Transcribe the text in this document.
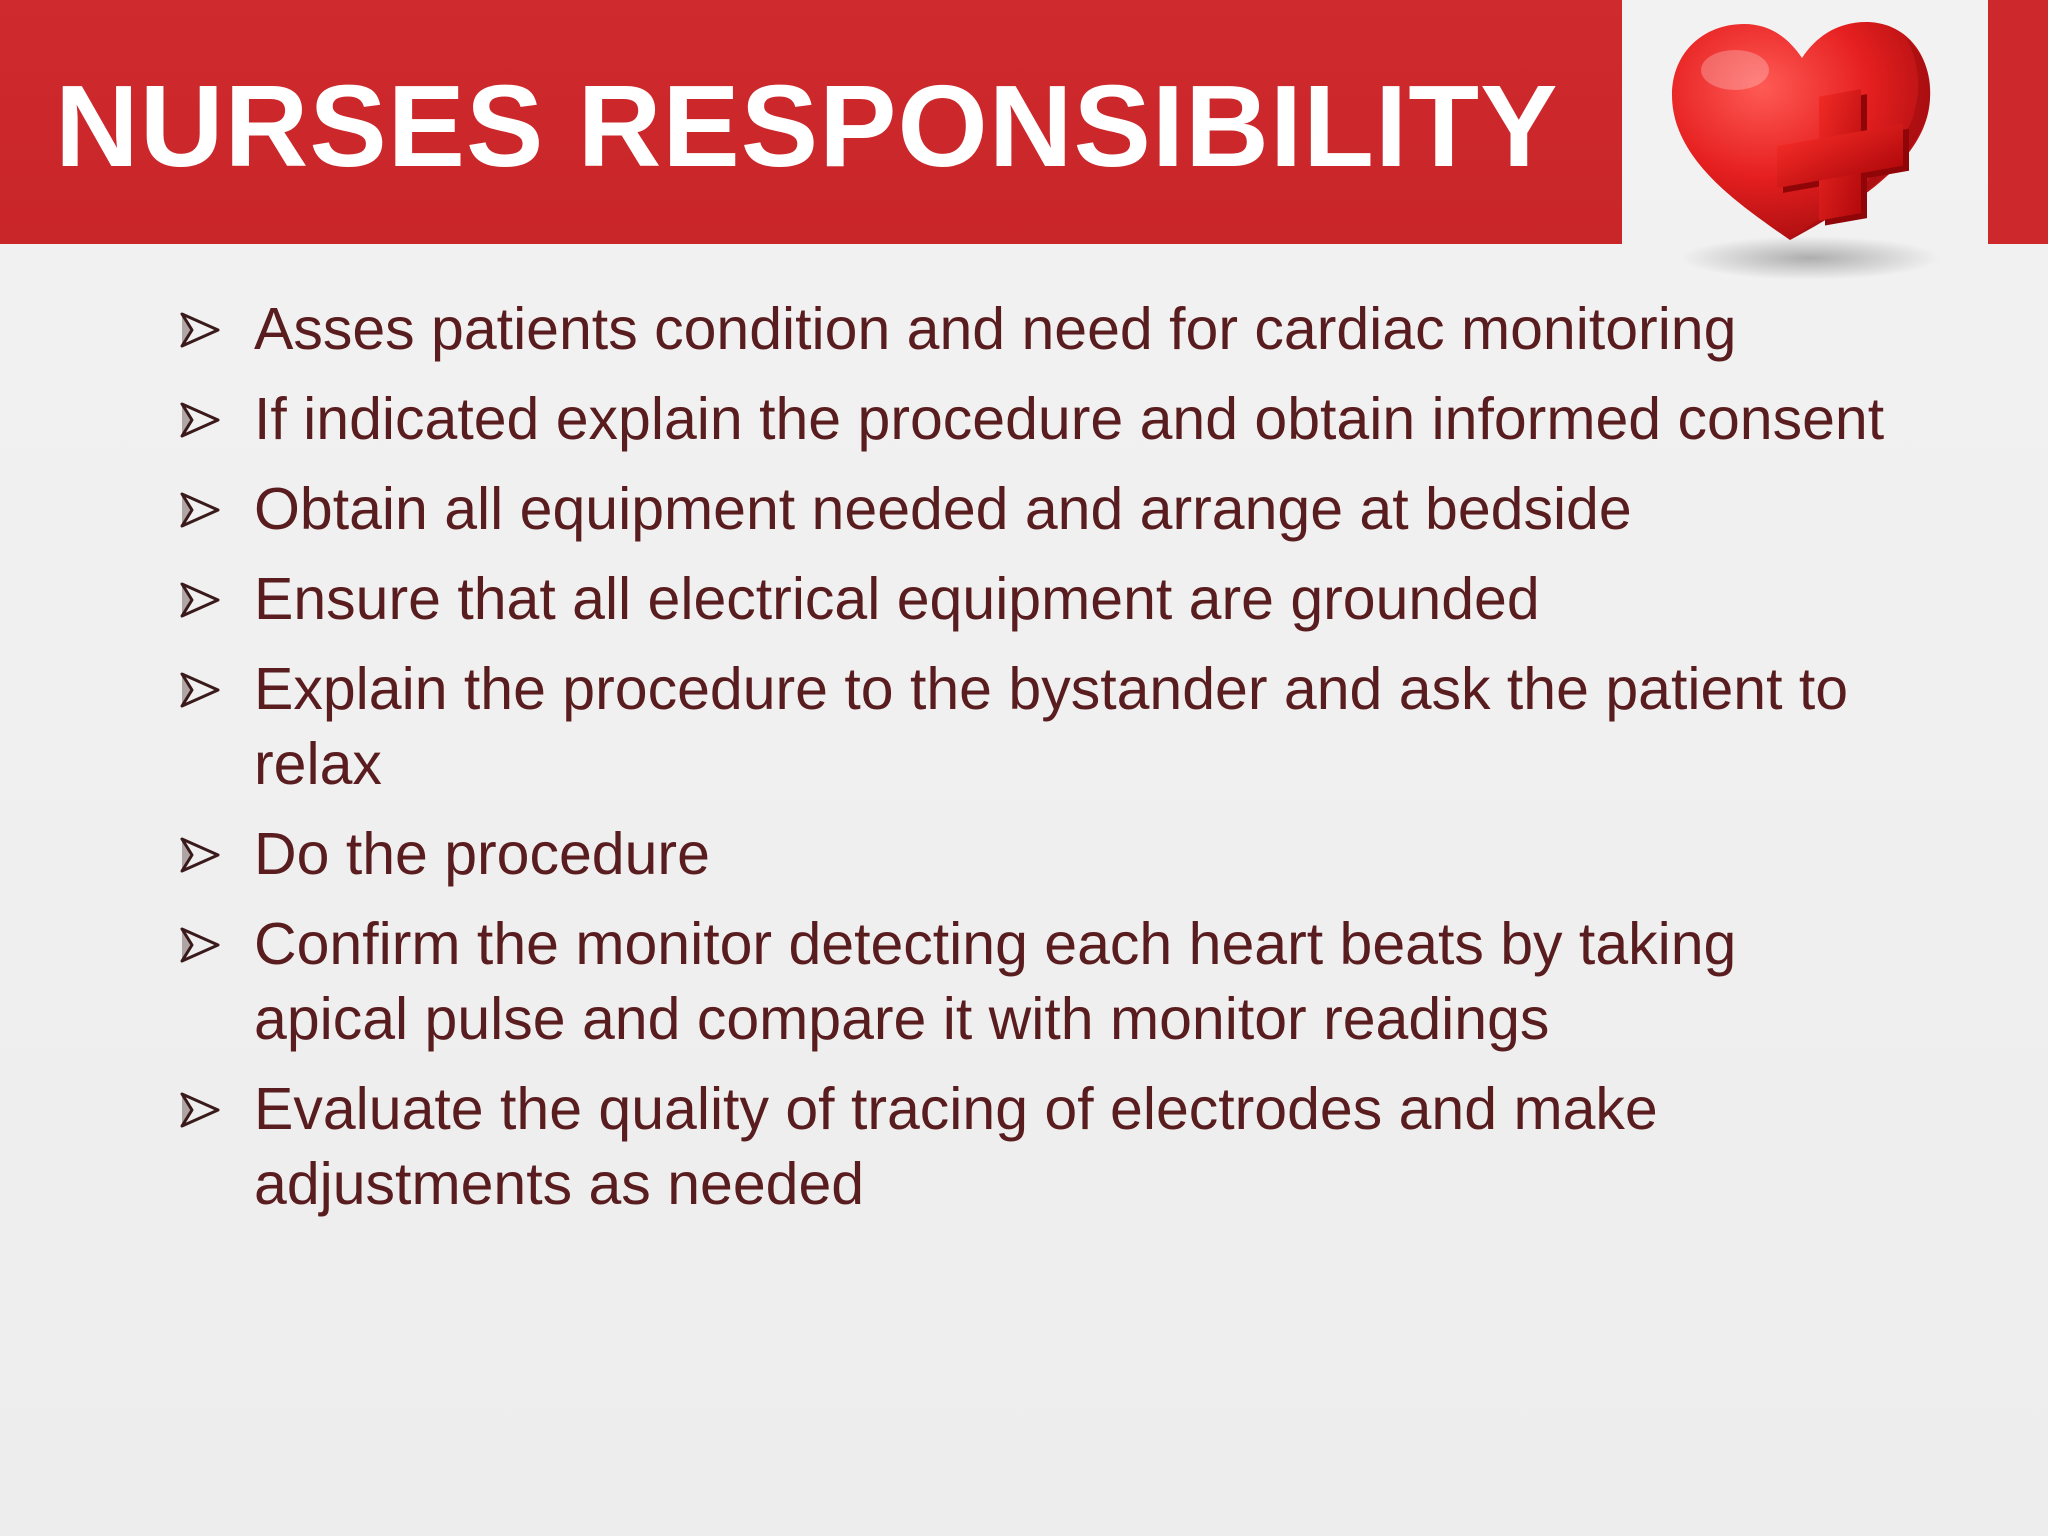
NURSES RESPONSIBILITY
Asses patients condition and need for cardiac monitoring
If indicated explain the procedure and obtain informed consent
Obtain all equipment needed and arrange at bedside
Ensure that all electrical equipment are grounded
Explain the procedure to the bystander and ask the patient to relax
Do the procedure
Confirm the monitor detecting each heart beats by taking apical pulse and compare it with monitor readings
Evaluate the quality of tracing of electrodes and make adjustments as needed
